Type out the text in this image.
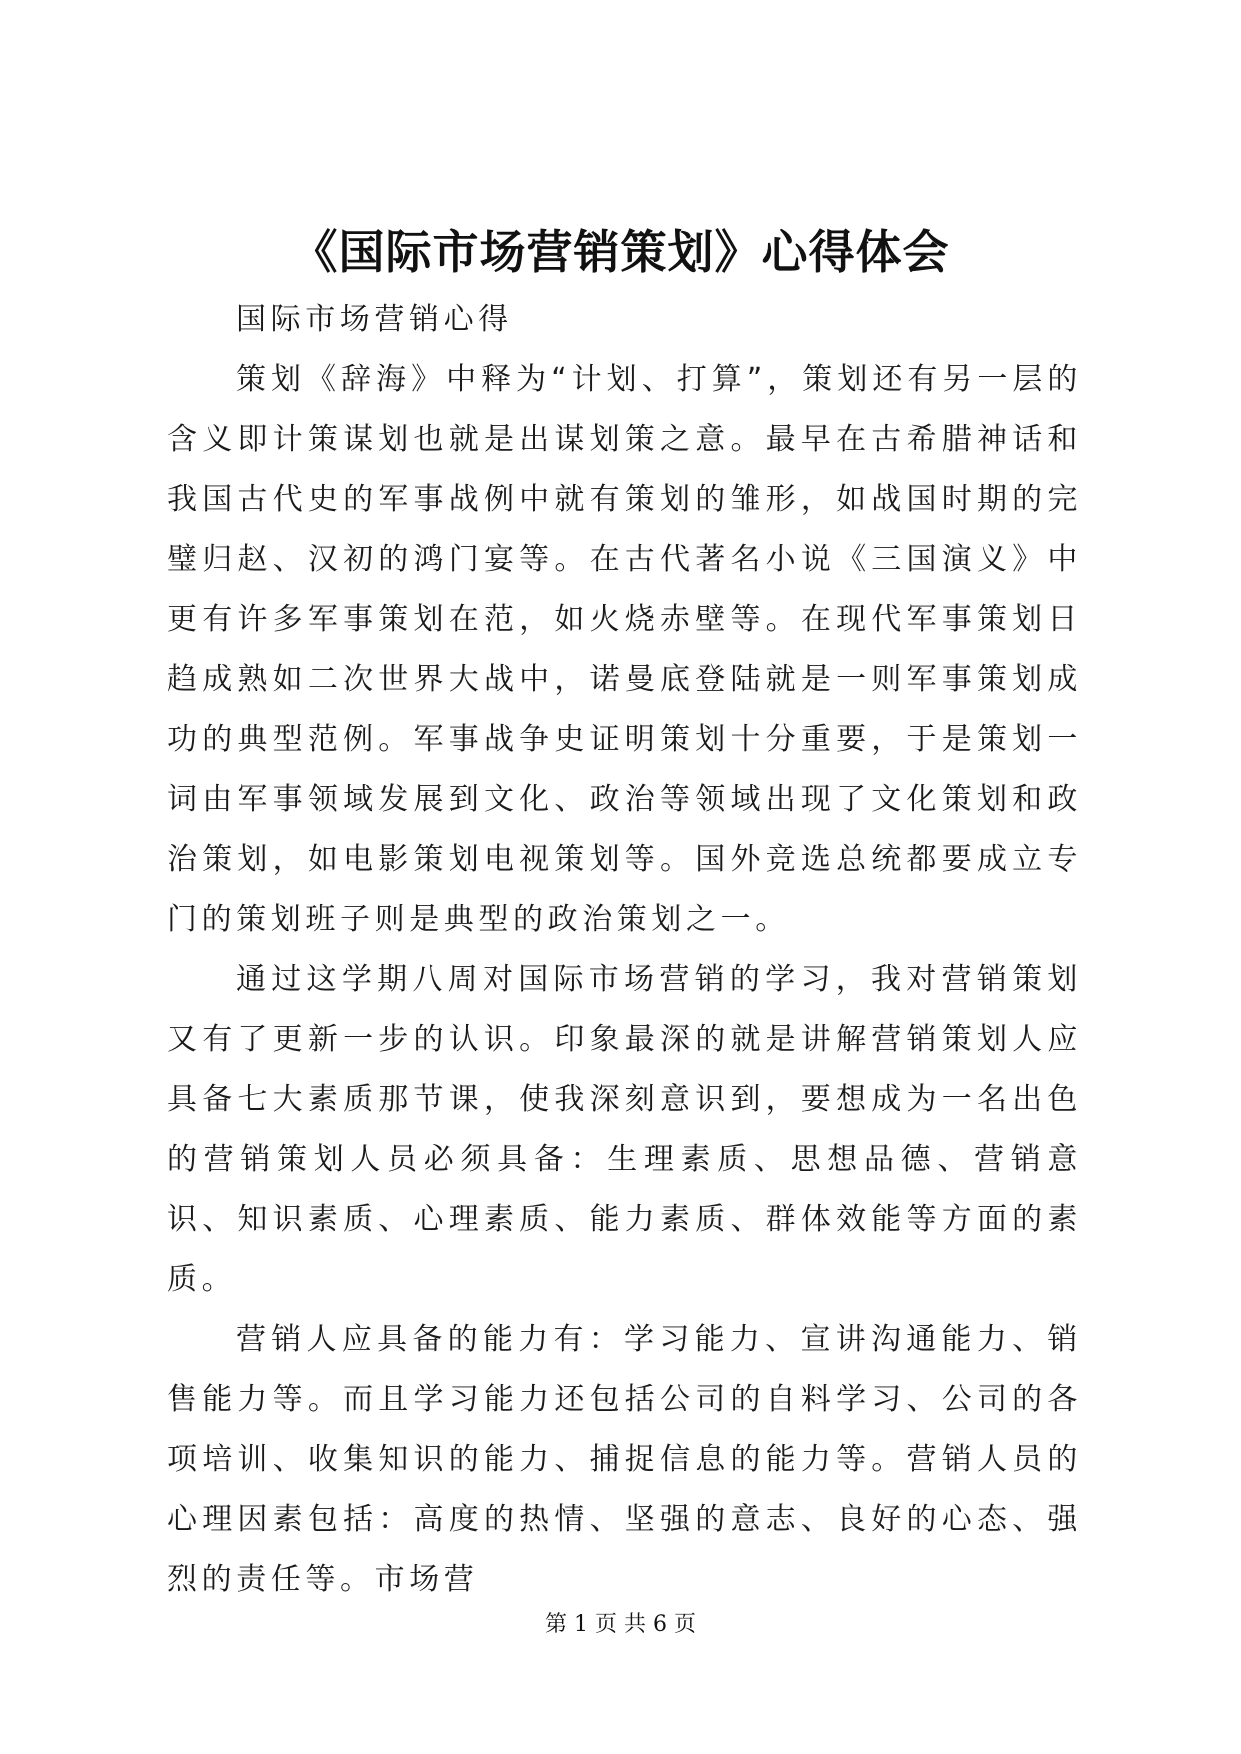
《国际市场营销策划》心得体会

国际市场营销心得

策划《辞海》中释为“计划、打算”，策划还有另一层的含义即计策谋划也就是出谋划策之意。最早在古希腊神话和我国古代史的军事战例中就有策划的雏形，如战国时期的完璧归赵、汉初的鸿门宴等。在古代著名小说《三国演义》中更有许多军事策划在范，如火烧赤壁等。在现代军事策划日趋成熟如二次世界大战中，诺曼底登陆就是一则军事策划成功的典型范例。军事战争史证明策划十分重要，于是策划一词由军事领域发展到文化、政治等领域出现了文化策划和政治策划，如电影策划电视策划等。国外竞选总统都要成立专门的策划班子则是典型的政治策划之一。

通过这学期八周对国际市场营销的学习，我对营销策划又有了更新一步的认识。印象最深的就是讲解营销策划人应具备七大素质那节课，使我深刻意识到，要想成为一名出色的营销策划人员必须具备：生理素质、思想品德、营销意识、知识素质、心理素质、能力素质、群体效能等方面的素质。

营销人应具备的能力有：学习能力、宣讲沟通能力、销售能力等。而且学习能力还包括公司的自料学习、公司的各项培训、收集知识的能力、捕捉信息的能力等。营销人员的心理因素包括：高度的热情、坚强的意志、良好的心态、强烈的责任等。市场营

第 1 页 共 6 页
